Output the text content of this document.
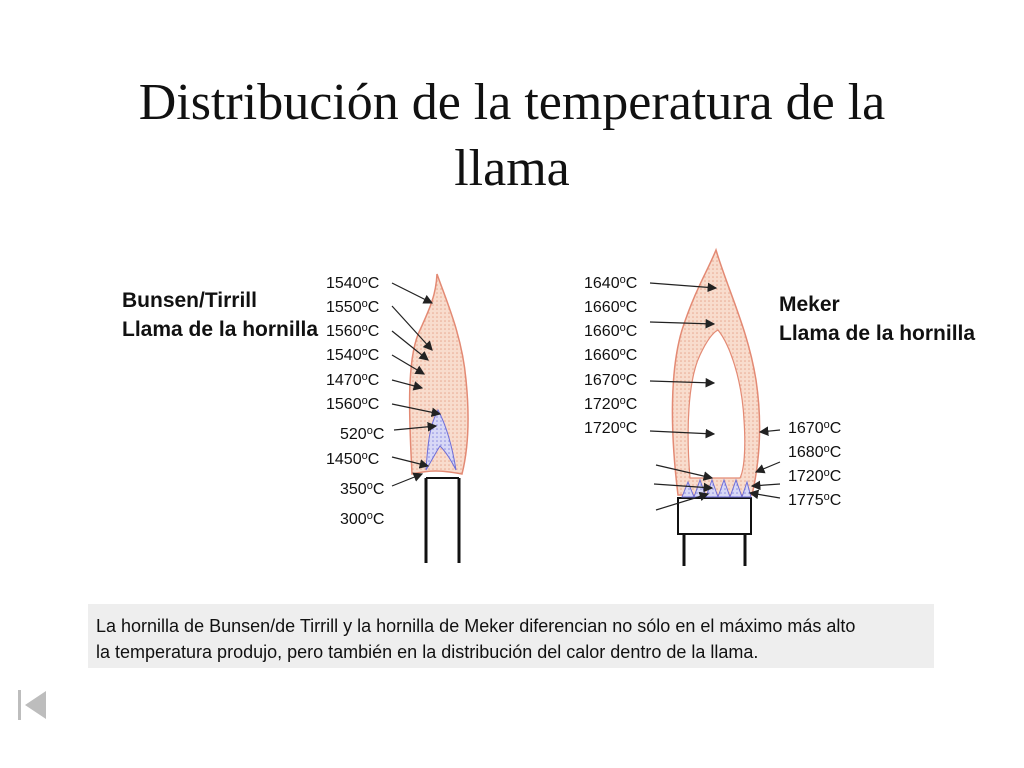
Distribución de la temperatura de la
llama
Bunsen/Tirrill
Llama de la hornilla
Meker
Llama de la hornilla
1540$^o$C
1550$^o$C
1560$^o$C
1540$^o$C
1470$^o$C
1560$^o$C
520$^o$C
1450$^o$C
350$^o$C
300$^o$C
1640$^o$C
1660$^o$C
1660$^o$C
1660$^o$C
1670$^o$C
1720$^o$C
1720$^o$C	1670$^o$C
1680$^o$C
1720$^o$C
1775$^o$C
La hornilla de Bunsen/de Tirrill y la hornilla de Meker diferencian no sólo en el máximo más alto
la temperatura produjo, pero también en la distribución del calor dentro de la llama.
